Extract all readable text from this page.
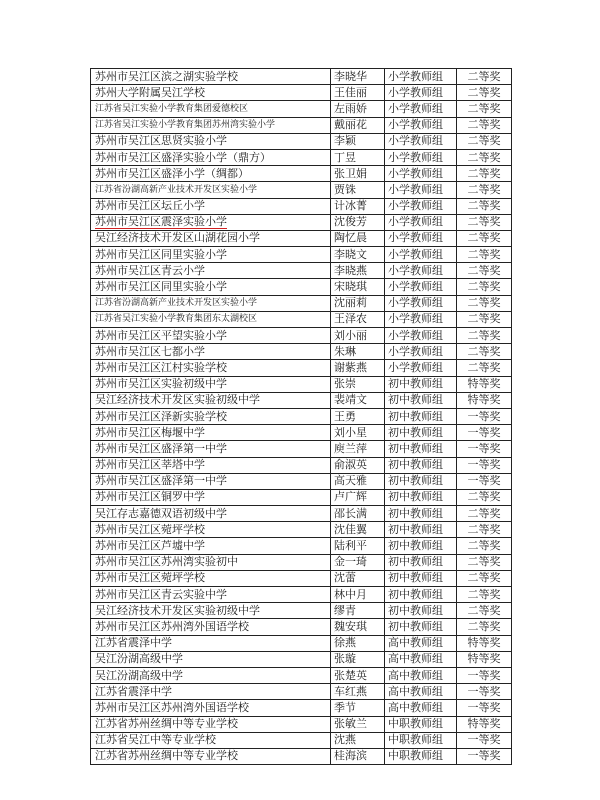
苏州市吴江区滨之湖实验学校	李晓华	小学教师组	二等奖
苏州大学附属吴江学校	王佳丽	小学教师组	二等奖
江苏省吴江实验小学教育集团爱德校区	左雨娇	小学教师组	二等奖
江苏省吴江实验小学教育集团苏州湾实验小学	戴丽花	小学教师组	二等奖
苏州市吴江区思贤实验小学	李颖	小学教师组	二等奖
苏州市吴江区盛泽实验小学（鼎方）	丁昱	小学教师组	二等奖
苏州市吴江区盛泽小学（绸都）	张卫娟	小学教师组	二等奖
江苏省汾湖高新产业技术开发区实验小学	贾铢	小学教师组	二等奖
苏州市吴江区坛丘小学	计冰菁	小学教师组	二等奖
苏州市吴江区震泽实验小学	沈俊芳	小学教师组	二等奖
吴江经济技术开发区山湖花园小学	陶忆晨	小学教师组	二等奖
苏州市吴江区同里实验小学	李晓文	小学教师组	二等奖
苏州市吴江区青云小学	李晓燕	小学教师组	二等奖
苏州市吴江区同里实验小学	宋晓琪	小学教师组	二等奖
江苏省汾湖高新产业技术开发区实验小学	沈丽莉	小学教师组	二等奖
江苏省吴江实验小学教育集团东太湖校区	王泽农	小学教师组	二等奖
苏州市吴江区平望实验小学	刘小丽	小学教师组	二等奖
苏州市吴江区七都小学	朱琳	小学教师组	二等奖
苏州市吴江区江村实验学校	谢紫燕	小学教师组	二等奖
苏州市吴江区实验初级中学	张崇	初中教师组	特等奖
吴江经济技术开发区实验初级中学	裴靖文	初中教师组	特等奖
苏州市吴江区泽新实验学校	王勇	初中教师组	一等奖
苏州市吴江区梅堰中学	刘小星	初中教师组	一等奖
苏州市吴江区盛泽第一中学	庾兰萍	初中教师组	一等奖
苏州市吴江区莘塔中学	俞淑英	初中教师组	一等奖
苏州市吴江区盛泽第一中学	高天雅	初中教师组	一等奖
苏州市吴江区铜罗中学	卢广辉	初中教师组	二等奖
吴江存志嘉德双语初级中学	邵长满	初中教师组	二等奖
苏州市吴江区菀坪学校	沈佳翼	初中教师组	二等奖
苏州市吴江区芦墟中学	陆利平	初中教师组	二等奖
苏州市吴江区苏州湾实验初中	金一琦	初中教师组	二等奖
苏州市吴江区菀坪学校	沈蕾	初中教师组	二等奖
苏州市吴江区青云实验中学	林中月	初中教师组	二等奖
吴江经济技术开发区实验初级中学	缪青	初中教师组	二等奖
苏州市吴江区苏州湾外国语学校	魏安琪	初中教师组	二等奖
江苏省震泽中学	徐燕	高中教师组	特等奖
吴江汾湖高级中学	张璇	高中教师组	特等奖
吴江汾湖高级中学	张楚英	高中教师组	一等奖
江苏省震泽中学	车红燕	高中教师组	一等奖
苏州市吴江区苏州湾外国语学校	季节	高中教师组	一等奖
江苏省苏州丝绸中等专业学校	张敏兰	中职教师组	特等奖
江苏省吴江中等专业学校	沈燕	中职教师组	一等奖
江苏省苏州丝绸中等专业学校	桂海滨	中职教师组	一等奖
